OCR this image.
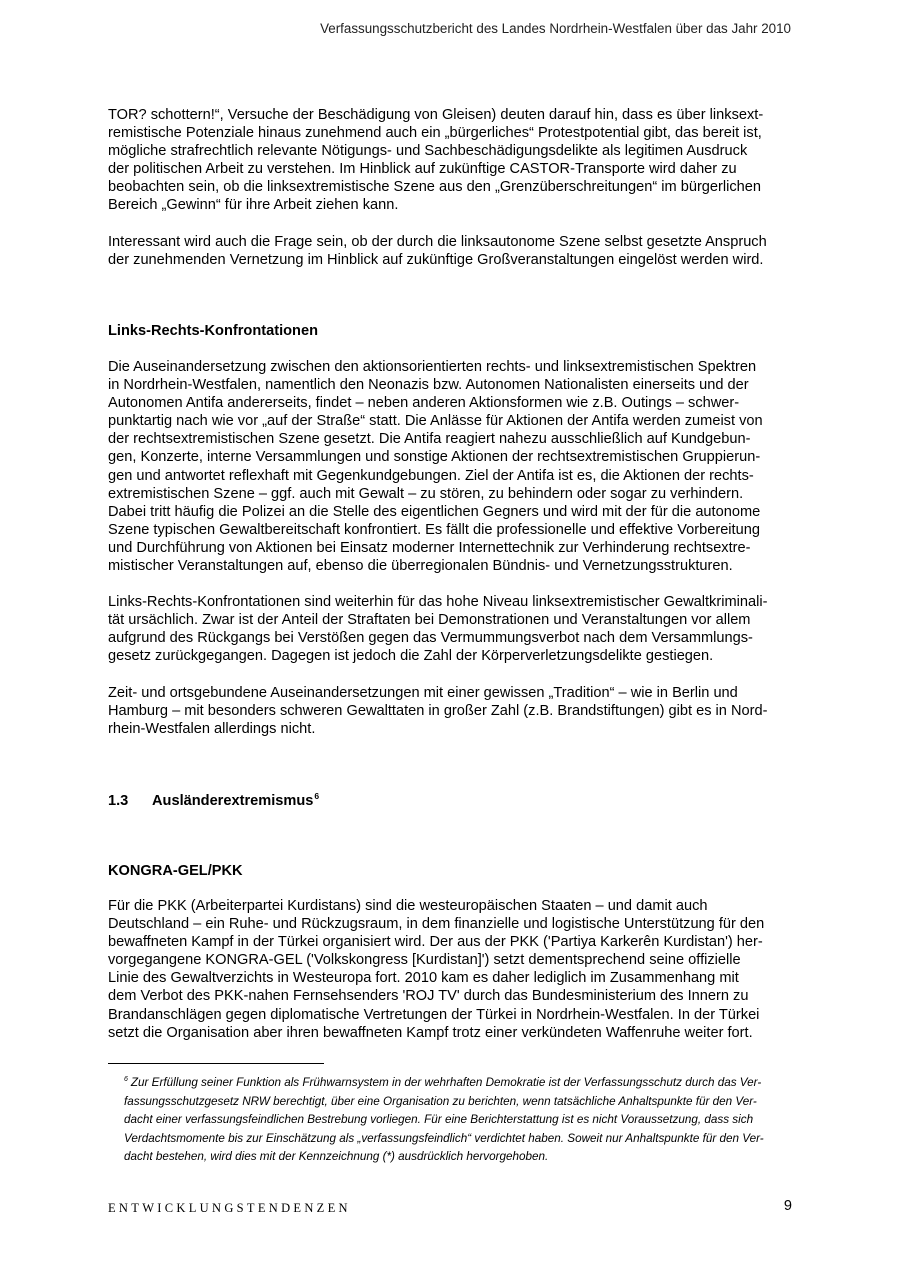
Verfassungsschutzbericht des Landes Nordrhein-Westfalen über das Jahr 2010

TOR? schottern!“, Versuche der Beschädigung von Gleisen) deuten darauf hin, dass es über linksext-
remistische Potenziale hinaus zunehmend auch ein „bürgerliches“ Protestpotential gibt, das bereit ist,
mögliche strafrechtlich relevante Nötigungs- und Sachbeschädigungsdelikte als legitimen Ausdruck
der politischen Arbeit zu verstehen. Im Hinblick auf zukünftige CASTOR-Transporte wird daher zu
beobachten sein, ob die linksextremistische Szene aus den „Grenzüberschreitungen“ im bürgerlichen
Bereich „Gewinn“ für ihre Arbeit ziehen kann.

Interessant wird auch die Frage sein, ob der durch die linksautonome Szene selbst gesetzte Anspruch
der zunehmenden Vernetzung im Hinblick auf zukünftige Großveranstaltungen eingelöst werden wird.

Links-Rechts-Konfrontationen

Die Auseinandersetzung zwischen den aktionsorientierten rechts- und linksextremistischen Spektren
in Nordrhein-Westfalen, namentlich den Neonazis bzw. Autonomen Nationalisten einerseits und der
Autonomen Antifa andererseits, findet – neben anderen Aktionsformen wie z.B. Outings – schwer-
punktartig nach wie vor „auf der Straße“ statt. Die Anlässe für Aktionen der Antifa werden zumeist von
der rechtsextremistischen Szene gesetzt. Die Antifa reagiert nahezu ausschließlich auf Kundgebun-
gen, Konzerte, interne Versammlungen und sonstige Aktionen der rechtsextremistischen Gruppierun-
gen und antwortet reflexhaft mit Gegenkundgebungen. Ziel der Antifa ist es, die Aktionen der rechts-
extremistischen Szene – ggf. auch mit Gewalt – zu stören, zu behindern oder sogar zu verhindern.
Dabei tritt häufig die Polizei an die Stelle des eigentlichen Gegners und wird mit der für die autonome
Szene typischen Gewaltbereitschaft konfrontiert. Es fällt die professionelle und effektive Vorbereitung
und Durchführung von Aktionen bei Einsatz moderner Internettechnik zur Verhinderung rechtsextre-
mistischer Veranstaltungen auf, ebenso die überregionalen Bündnis- und Vernetzungsstrukturen.

Links-Rechts-Konfrontationen sind weiterhin für das hohe Niveau linksextremistischer Gewaltkriminali-
tät ursächlich. Zwar ist der Anteil der Straftaten bei Demonstrationen und Veranstaltungen vor allem
aufgrund des Rückgangs bei Verstößen gegen das Vermummungsverbot nach dem Versammlungs-
gesetz zurückgegangen. Dagegen ist jedoch die Zahl der Körperverletzungsdelikte gestiegen.

Zeit- und ortsgebundene Auseinandersetzungen mit einer gewissen „Tradition“ – wie in Berlin und
Hamburg – mit besonders schweren Gewalttaten in großer Zahl (z.B. Brandstiftungen) gibt es in Nord-
rhein-Westfalen allerdings nicht.

1.3 Ausländerextremismus$^6$
KONGRA-GEL/PKK

Für die PKK (Arbeiterpartei Kurdistans) sind die westeuropäischen Staaten – und damit auch
Deutschland – ein Ruhe- und Rückzugsraum, in dem finanzielle und logistische Unterstützung für den
bewaffneten Kampf in der Türkei organisiert wird. Der aus der PKK ('Partiya Karkerên Kurdistan') her-
vorgegangene KONGRA-GEL ('Volkskongress [Kurdistan]') setzt dementsprechend seine offizielle
Linie des Gewaltverzichts in Westeuropa fort. 2010 kam es daher lediglich im Zusammenhang mit
dem Verbot des PKK-nahen Fernsehsenders 'ROJ TV' durch das Bundesministerium des Innern zu
Brandanschlägen gegen diplomatische Vertretungen der Türkei in Nordrhein-Westfalen. In der Türkei
setzt die Organisation aber ihren bewaffneten Kampf trotz einer verkündeten Waffenruhe weiter fort.

$^6$ Zur Erfüllung seiner Funktion als Frühwarnsystem in der wehrhaften Demokratie ist der Verfassungsschutz durch das Ver-
fassungsschutzgesetz NRW berechtigt, über eine Organisation zu berichten, wenn tatsächliche Anhaltspunkte für den Ver-
dacht einer verfassungsfeindlichen Bestrebung vorliegen. Für eine Berichterstattung ist es nicht Voraussetzung, dass sich
Verdachtsmomente bis zur Einschätzung als „verfassungsfeindlich“ verdichtet haben. Soweit nur Anhaltspunkte für den Ver-
dacht bestehen, wird dies mit der Kennzeichnung (*) ausdrücklich hervorgehoben.

ENTWICKLUNGSTENDENZEN	9
